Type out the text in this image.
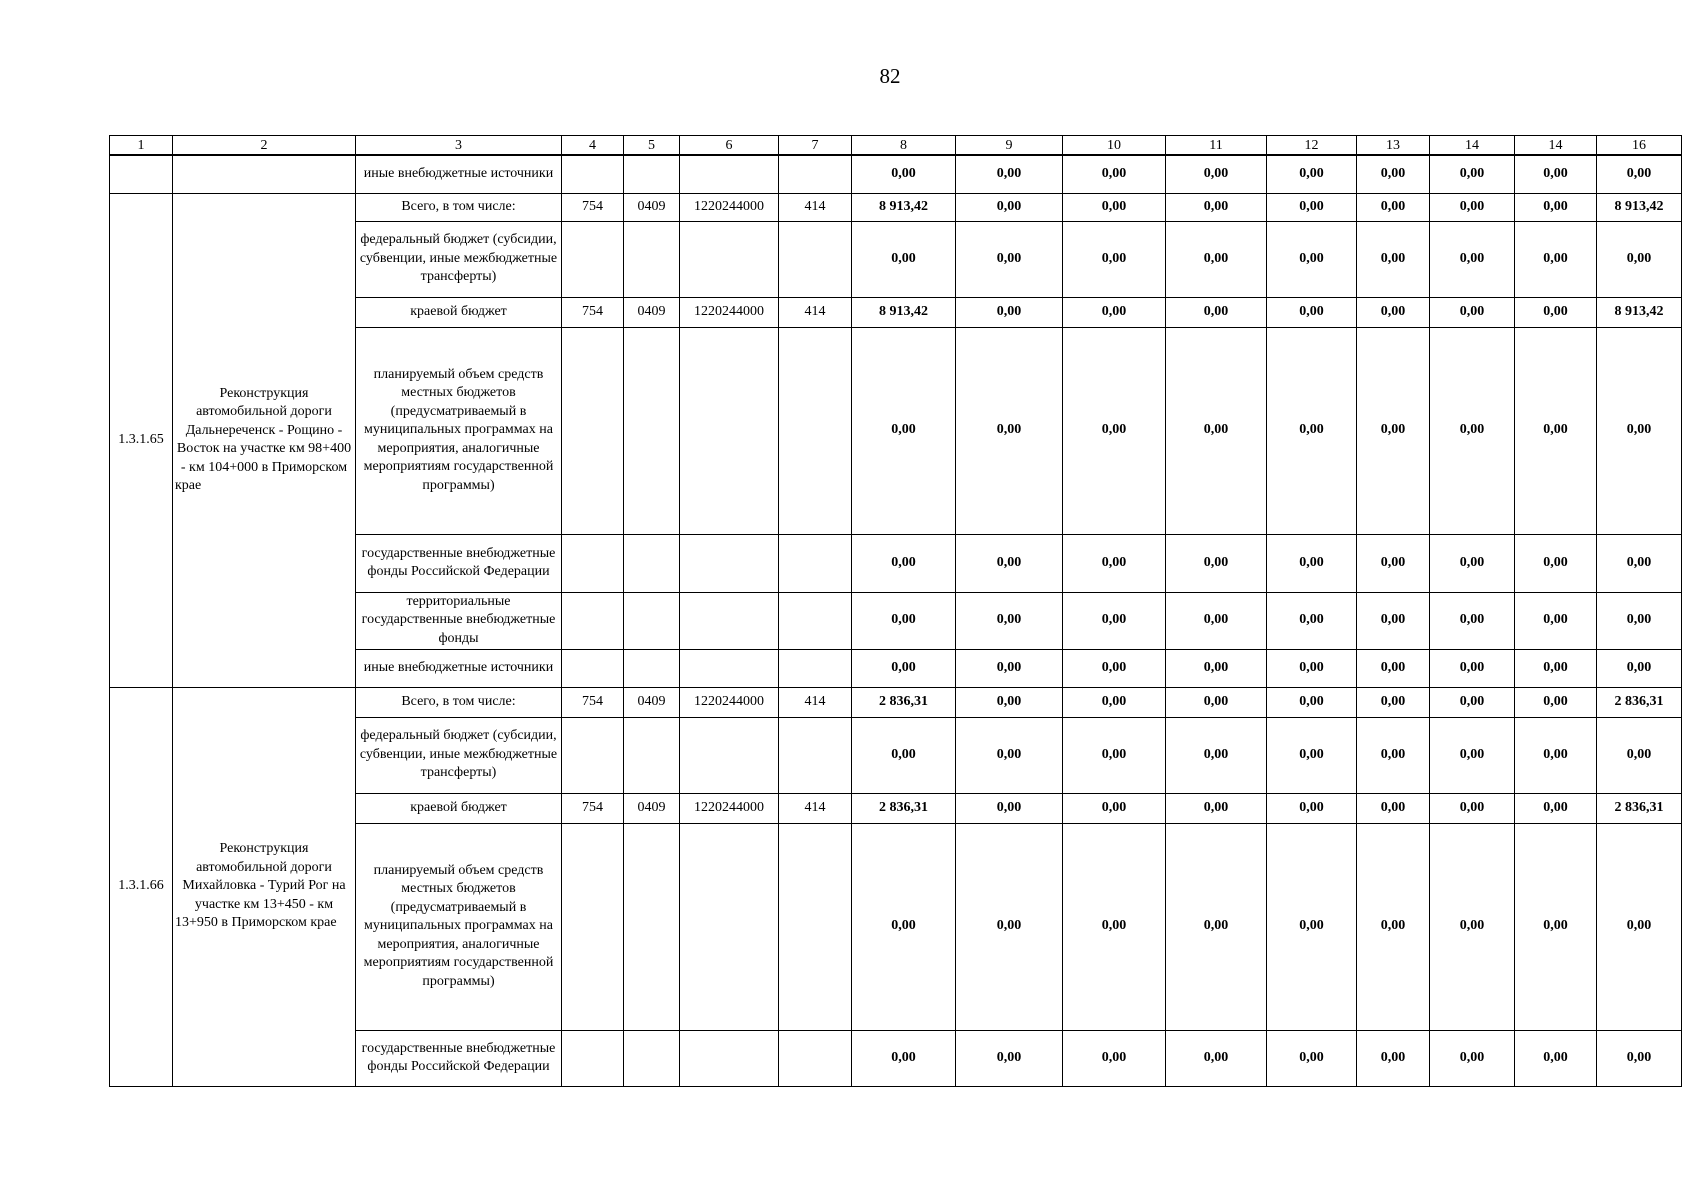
82
1	2	3	4	5	6	7	8	9	10	11	12	13	14	14	16
		иные внебюджетные источники					0,00	0,00	0,00	0,00	0,00	0,00	0,00	0,00	0,00
1.3.1.65	Реконструкция автомобильной дороги Дальнереченск - Рощино - Восток на участке км 98+400 - км 104+000 в Приморском крае	Всего, в том числе:	754	0409	1220244000	414	8 913,42	0,00	0,00	0,00	0,00	0,00	0,00	0,00	8 913,42
		федеральный бюджет (субсидии, субвенции, иные межбюджетные трансферты)					0,00	0,00	0,00	0,00	0,00	0,00	0,00	0,00	0,00
		краевой бюджет	754	0409	1220244000	414	8 913,42	0,00	0,00	0,00	0,00	0,00	0,00	0,00	8 913,42
		планируемый объем средств местных бюджетов (предусматриваемый в муниципальных программах на мероприятия, аналогичные мероприятиям государственной программы)					0,00	0,00	0,00	0,00	0,00	0,00	0,00	0,00	0,00
		государственные внебюджетные фонды Российской Федерации					0,00	0,00	0,00	0,00	0,00	0,00	0,00	0,00	0,00
		территориальные государственные внебюджетные фонды					0,00	0,00	0,00	0,00	0,00	0,00	0,00	0,00	0,00
		иные внебюджетные источники					0,00	0,00	0,00	0,00	0,00	0,00	0,00	0,00	0,00
1.3.1.66	Реконструкция автомобильной дороги Михайловка - Турий Рог на участке км 13+450 - км 13+950 в Приморском крае	Всего, в том числе:	754	0409	1220244000	414	2 836,31	0,00	0,00	0,00	0,00	0,00	0,00	0,00	2 836,31
		федеральный бюджет (субсидии, субвенции, иные межбюджетные трансферты)					0,00	0,00	0,00	0,00	0,00	0,00	0,00	0,00	0,00
		краевой бюджет	754	0409	1220244000	414	2 836,31	0,00	0,00	0,00	0,00	0,00	0,00	0,00	2 836,31
		планируемый объем средств местных бюджетов (предусматриваемый в муниципальных программах на мероприятия, аналогичные мероприятиям государственной программы)					0,00	0,00	0,00	0,00	0,00	0,00	0,00	0,00	0,00
		государственные внебюджетные фонды Российской Федерации					0,00	0,00	0,00	0,00	0,00	0,00	0,00	0,00	0,00
